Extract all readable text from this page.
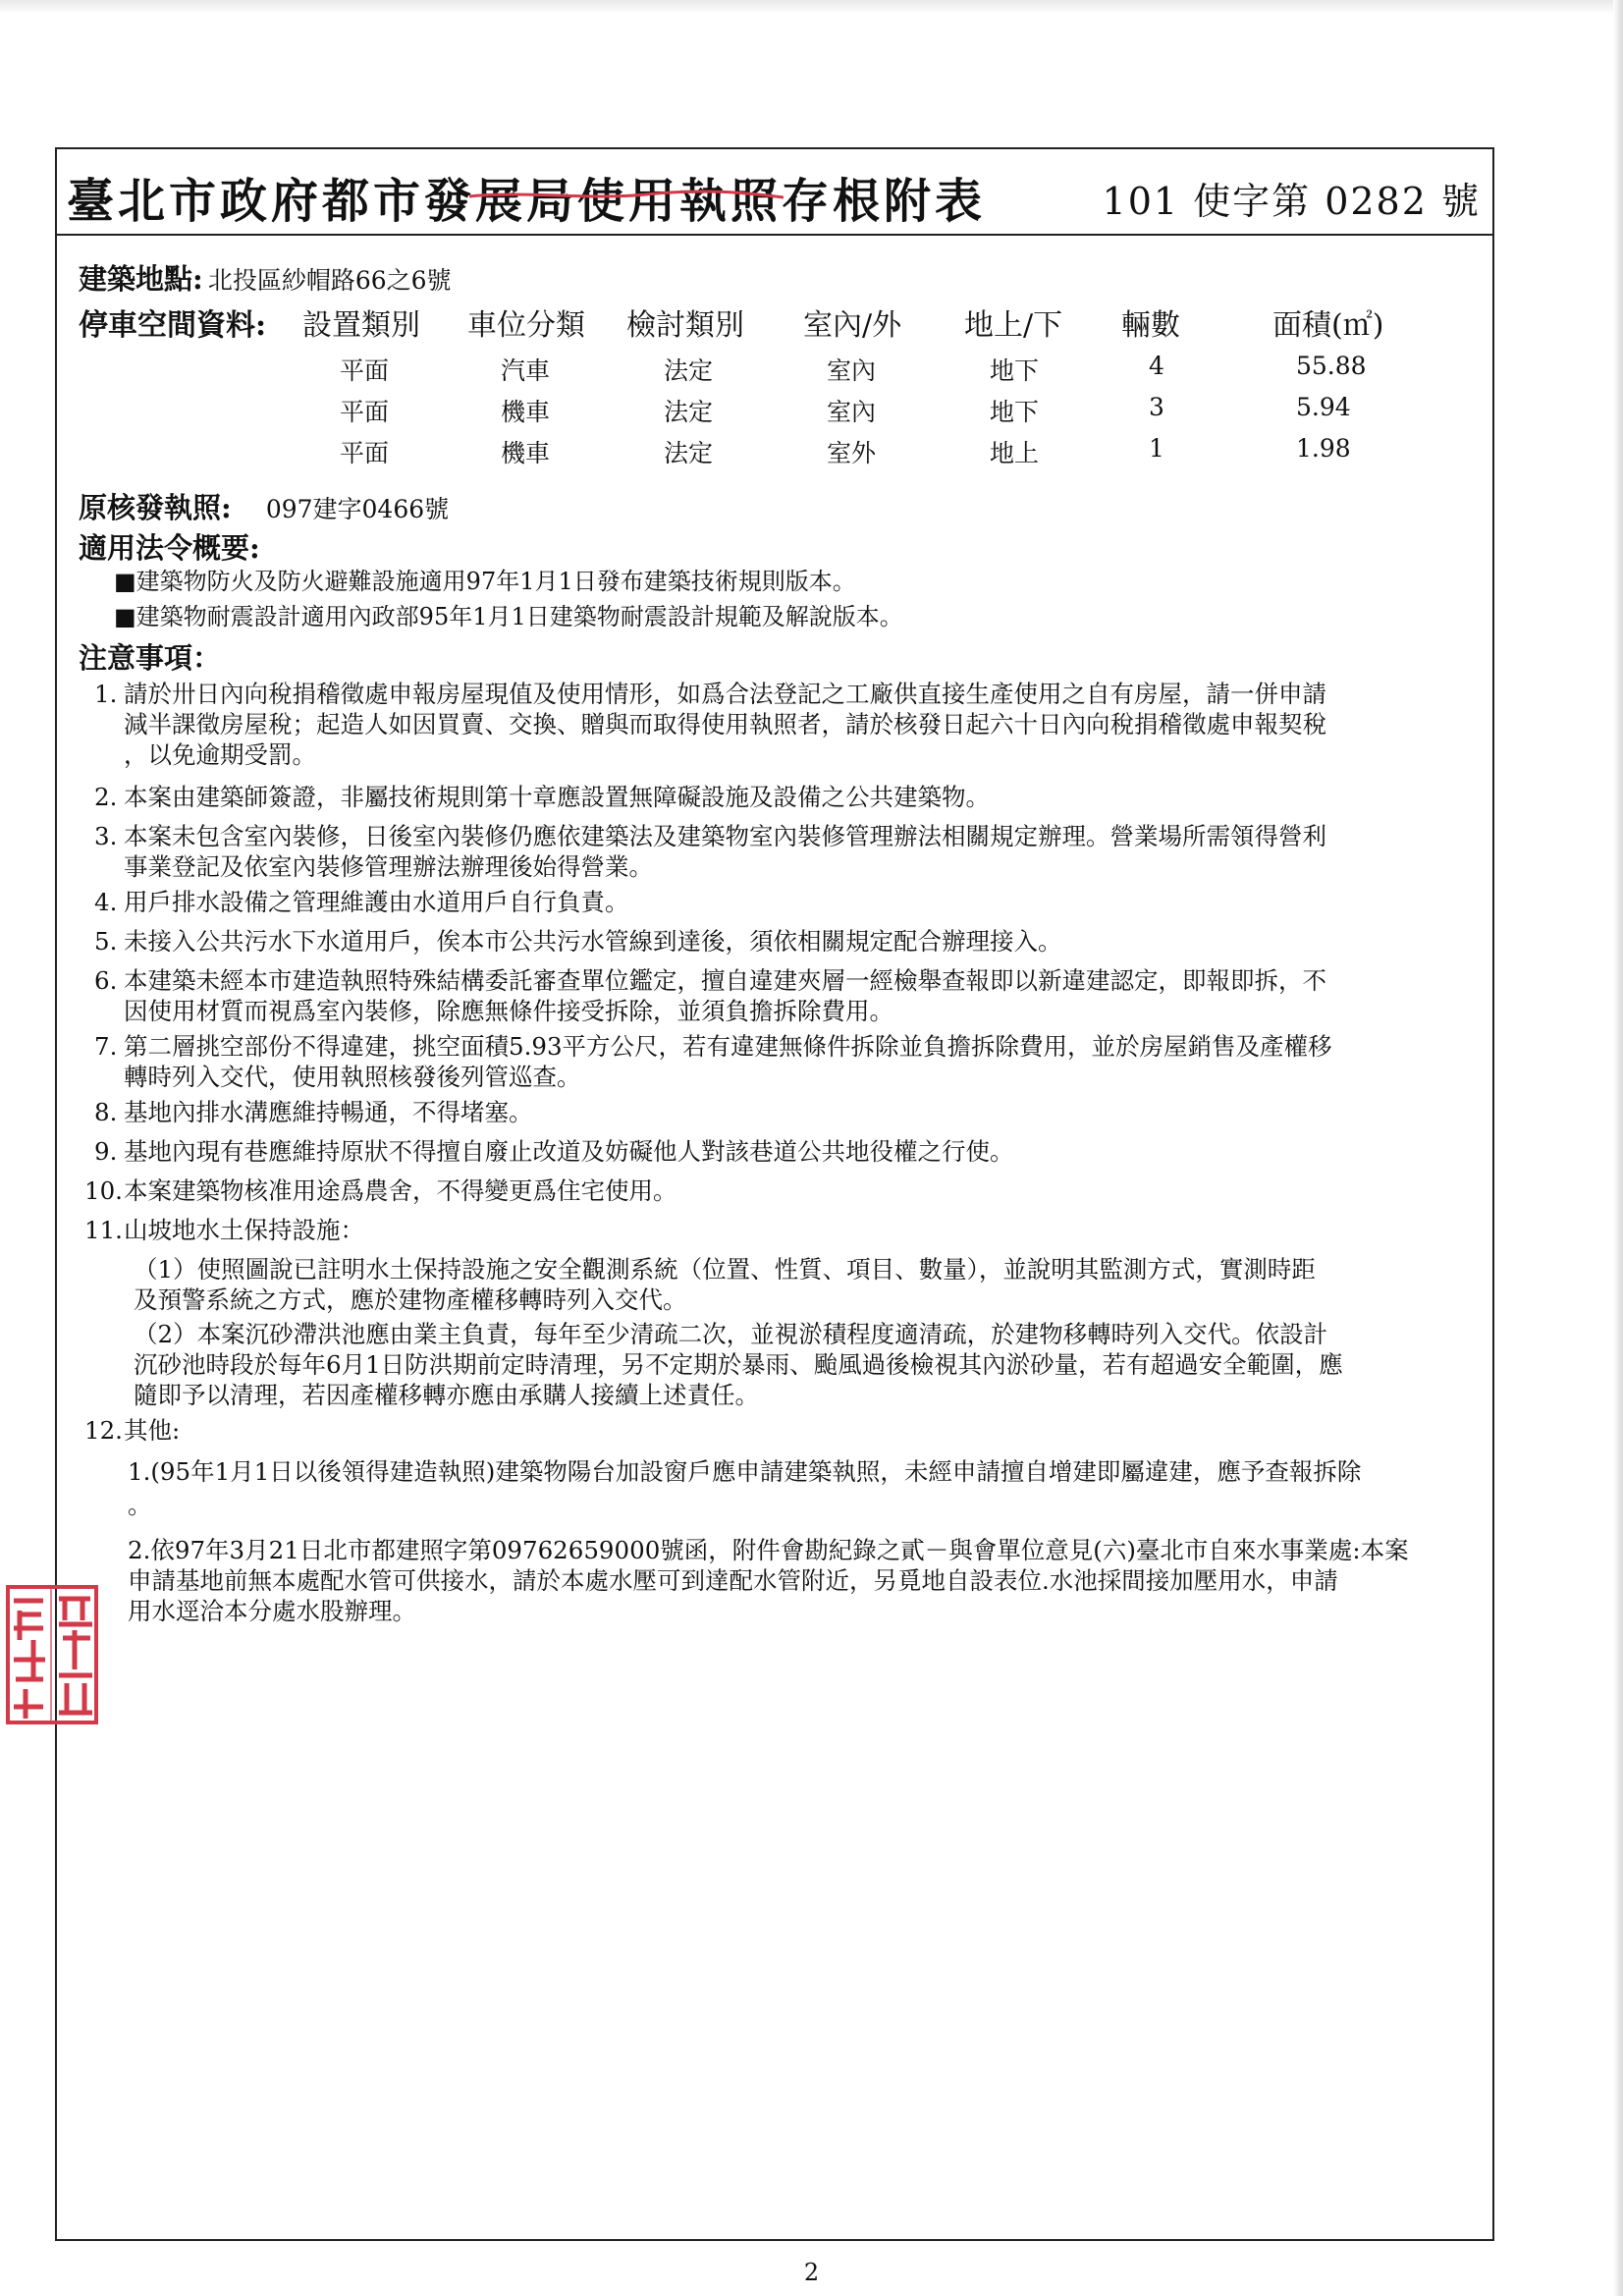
臺北市政府都市發展局使用執照存根附表	101 使字第 0282 號
建築地點: 北投區紗帽路66之6號
停車空間資料: 設置類別 車位分類 檢討類別 室內/外 地上/下 輛數	面積(㎡)
平面	汽車	法定	室內	地下	4	55.88
平面	機車	法定	室內	地下	3	5.94
平面	機車	法定	室外	地上	1	1.98
原核發執照: 097建字0466號
適用法令概要:
■建築物防火及防火避難設施適用97年1月1日發布建築技術規則版本。
■建築物耐震設計適用內政部95年1月1日建築物耐震設計規範及解說版本。
注意事項：
1. 請於卅日內向稅捐稽徵處申報房屋現值及使用情形，如爲合法登記之工廠供直接生產使用之自有房屋，請一併申請
減半課徵房屋稅；起造人如因買賣、交換、贈與而取得使用執照者，請於核發日起六十日內向稅捐稽徵處申報契稅
，以免逾期受罰。
2. 本案由建築師簽證，非屬技術規則第十章應設置無障礙設施及設備之公共建築物。
3. 本案未包含室內裝修，日後室內裝修仍應依建築法及建築物室內裝修管理辦法相關規定辦理。營業場所需領得營利
事業登記及依室內裝修管理辦法辦理後始得營業。
4. 用戶排水設備之管理維護由水道用戶自行負責。
5. 未接入公共污水下水道用戶，俟本市公共污水管線到達後，須依相關規定配合辦理接入。
6. 本建築未經本市建造執照特殊結構委託審查單位鑑定，擅自違建夾層一經檢舉查報即以新違建認定，即報即拆，不
因使用材質而視爲室內裝修，除應無條件接受拆除，並須負擔拆除費用。
7. 第二層挑空部份不得違建，挑空面積5.93平方公尺，若有違建無條件拆除並負擔拆除費用，並於房屋銷售及產權移
轉時列入交代，使用執照核發後列管巡查。
8. 基地內排水溝應維持暢通，不得堵塞。
9. 基地內現有巷應維持原狀不得擅自廢止改道及妨礙他人對該巷道公共地役權之行使。
10. 本案建築物核准用途爲農舍，不得變更爲住宅使用。
11. 山坡地水土保持設施：
（1）使照圖說已註明水土保持設施之安全觀測系統（位置、性質、項目、數量），並說明其監測方式，實測時距
及預警系統之方式，應於建物產權移轉時列入交代。
（2）本案沉砂滯洪池應由業主負責，每年至少清疏二次，並視淤積程度適清疏，於建物移轉時列入交代。依設計
沉砂池時段於每年6月1日防洪期前定時清理，另不定期於暴雨、颱風過後檢視其內淤砂量，若有超過安全範圍，應
隨即予以清理，若因產權移轉亦應由承購人接續上述責任。
12. 其他:
1.(95年1月1日以後領得建造執照)建築物陽台加設窗戶應申請建築執照，未經申請擅自增建即屬違建，應予查報拆除
。
2.依97年3月21日北市都建照字第09762659000號函，附件會勘紀錄之貳－與會單位意見(六)臺北市自來水事業處:本案
申請基地前無本處配水管可供接水，請於本處水壓可到達配水管附近，另覓地自設表位.水池採間接加壓用水，申請
用水逕洽本分處水股辦理。
2
